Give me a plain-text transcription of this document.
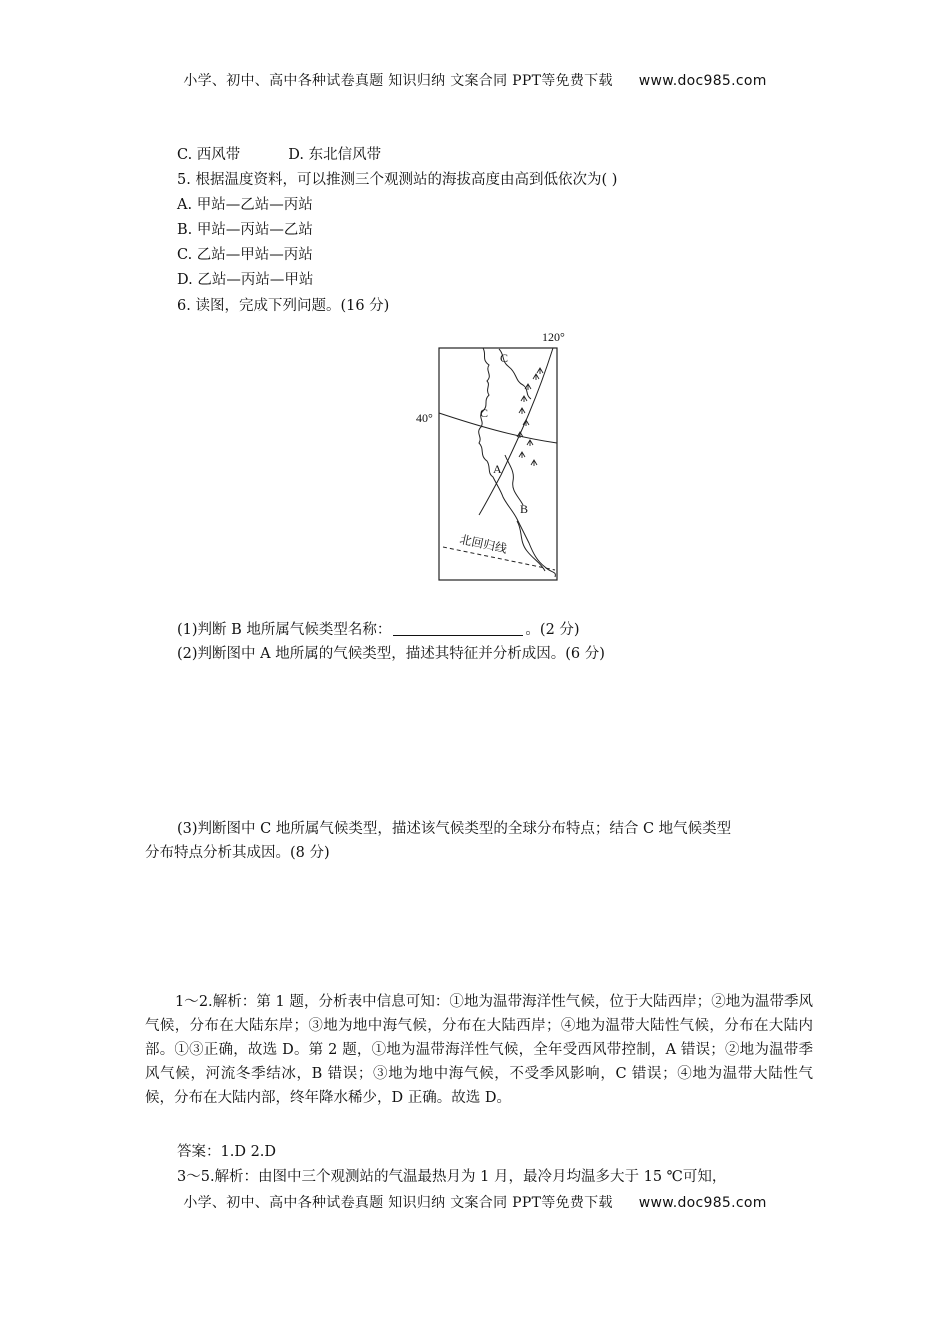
小学、初中、高中各种试卷真题 知识归纳 文案合同 PPT等免费下载 www.doc985.com
C. 西风带	D. 东北信风带
5. 根据温度资料，可以推测三个观测站的海拔高度由高到低依次为( )
A. 甲站—乙站—丙站
B. 甲站—丙站—乙站
C. 乙站—甲站—丙站
D. 乙站—丙站—甲站
6. 读图，完成下列问题。(16 分)
120°
40°
北回归线
C
C
A
B
(1)判断 B 地所属气候类型名称：	。(2 分)
(2)判断图中 A 地所属的气候类型，描述其特征并分析成因。(6 分)
(3)判断图中 C 地所属气候类型，描述该气候类型的全球分布特点；结合 C 地气候类型
分布特点分析其成因。(8 分)
1～2.解析：第 1 题，分析表中信息可知：①地为温带海洋性气候，位于大陆西岸；②地为温带季风气候，分布在大陆东岸；③地为地中海气候，分布在大陆西岸；④地为温带大陆性气候，分布在大陆内部。①③正确，故选 D。第 2 题，①地为温带海洋性气候，全年受西风带控制，A 错误；②地为温带季风气候，河流冬季结冰，B 错误；③地为地中海气候，不受季风影响，C 错误；④地为温带大陆性气候，分布在大陆内部，终年降水稀少，D 正确。故选 D。
答案：1.D 2.D
3～5.解析：由图中三个观测站的气温最热月为 1 月，最冷月均温多大于 15 ℃可知，
小学、初中、高中各种试卷真题 知识归纳 文案合同 PPT等免费下载 www.doc985.com
